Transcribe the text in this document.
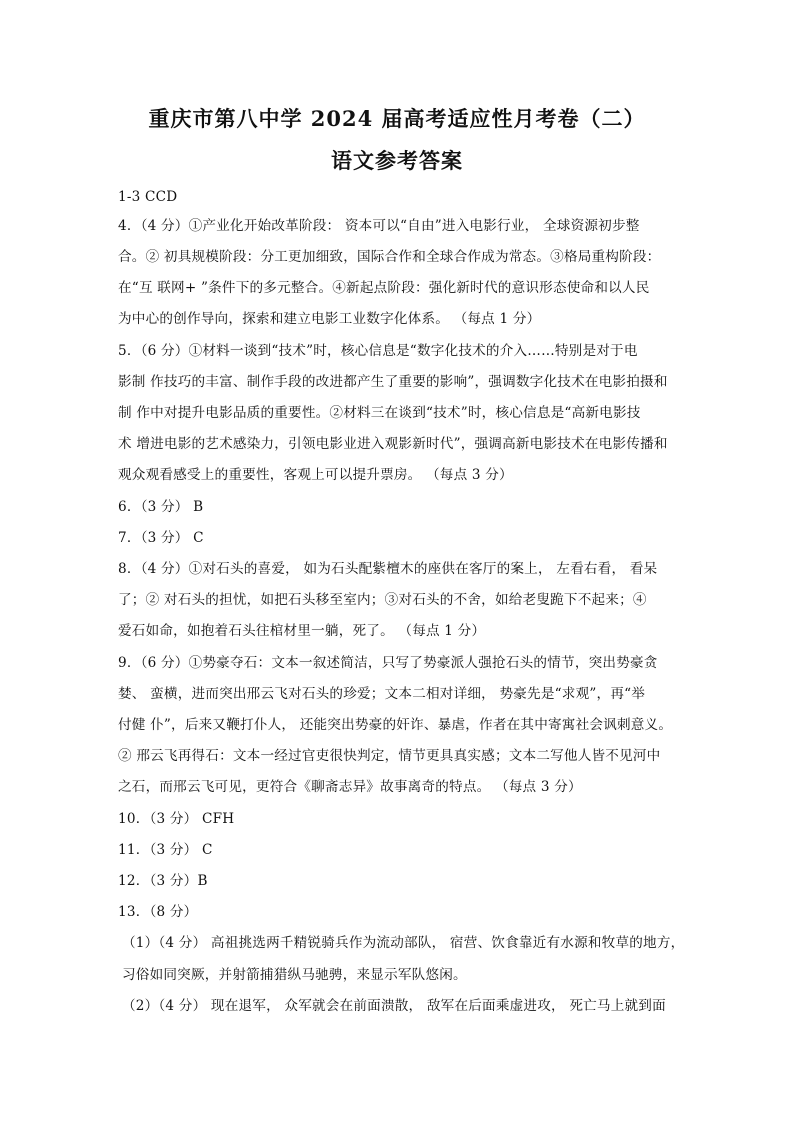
重庆市第八中学 2024 届高考适应性月考卷（二）
语文参考答案
1-3 CCD
4．（4 分）①产业化开始改革阶段： 资本可以“自由”进入电影行业， 全球资源初步整
合。② 初具规模阶段：分工更加细致，国际合作和全球合作成为常态。③格局重构阶段：
在“互 联网+ ”条件下的多元整合。④新起点阶段：强化新时代的意识形态使命和以人民
为中心的创作导向，探索和建立电影工业数字化体系。 （每点 1 分）
5．（6 分）①材料一谈到“技术”时，核心信息是“数字化技术的介入……特别是对于电
影制 作技巧的丰富、制作手段的改进都产生了重要的影响”，强调数字化技术在电影拍摄和
制 作中对提升电影品质的重要性。②材料三在谈到“技术”时，核心信息是“高新电影技
术 增进电影的艺术感染力，引领电影业进入观影新时代”，强调高新电影技术在电影传播和
观众观看感受上的重要性，客观上可以提升票房。 （每点 3 分）
6．（3 分） B
7．（3 分） C
8．（4 分）①对石头的喜爱， 如为石头配紫檀木的座供在客厅的案上， 左看右看， 看呆
了；② 对石头的担忧，如把石头移至室内；③对石头的不舍，如给老叟跪下不起来；④
爱石如命，如抱着石头往棺材里一躺，死了。 （每点 1 分）
9．（6 分）①势豪夺石：文本一叙述简洁，只写了势豪派人强抢石头的情节，突出势豪贪
婪、 蛮横，进而突出邢云飞对石头的珍爱；文本二相对详细， 势豪先是“求观”，再“举
付健 仆”，后来又鞭打仆人， 还能突出势豪的奸诈、暴虐，作者在其中寄寓社会讽刺意义。
② 邢云飞再得石：文本一经过官吏很快判定，情节更具真实感；文本二写他人皆不见河中
之石，而邢云飞可见，更符合《聊斋志异》故事离奇的特点。 （每点 3 分）
10．（3 分） CFH
11．（3 分） C
12．（3 分）B
13．（8 分）
（1）（4 分） 高祖挑选两千精锐骑兵作为流动部队， 宿营、饮食靠近有水源和牧草的地方，
习俗如同突厥，并射箭捕猎纵马驰骋，来显示军队悠闲。
（2）（4 分） 现在退军， 众军就会在前面溃散， 敌军在后面乘虚进攻， 死亡马上就到面
